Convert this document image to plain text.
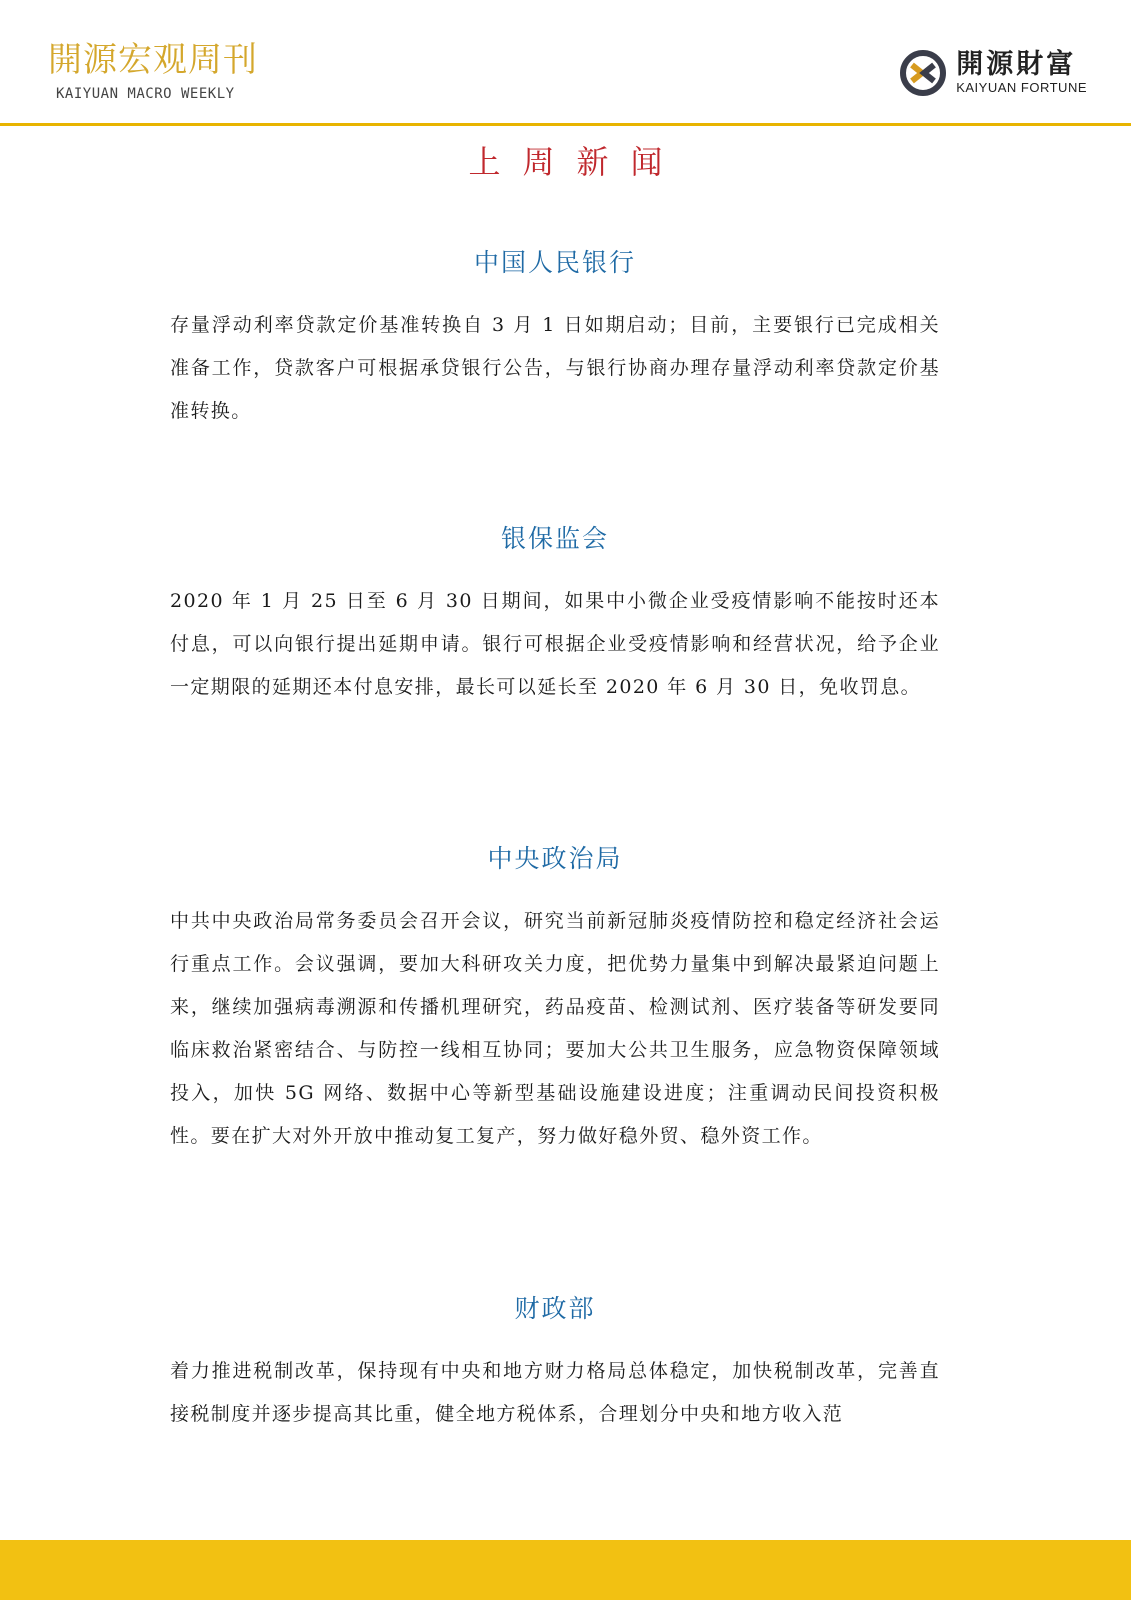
開源宏观周刊
KAIYUAN MACRO WEEKLY
開源財富
KAIYUAN FORTUNE
上周新闻
中国人民银行
存量浮动利率贷款定价基准转换自 3 月 1 日如期启动；目前，主要银行已完成相关准备工作，贷款客户可根据承贷银行公告，与银行协商办理存量浮动利率贷款定价基准转换。
银保监会
2020 年 1 月 25 日至 6 月 30 日期间，如果中小微企业受疫情影响不能按时还本付息，可以向银行提出延期申请。银行可根据企业受疫情影响和经营状况，给予企业一定期限的延期还本付息安排，最长可以延长至 2020 年 6 月 30 日，免收罚息。
中央政治局
中共中央政治局常务委员会召开会议，研究当前新冠肺炎疫情防控和稳定经济社会运行重点工作。会议强调，要加大科研攻关力度，把优势力量集中到解决最紧迫问题上来，继续加强病毒溯源和传播机理研究，药品疫苗、检测试剂、医疗装备等研发要同临床救治紧密结合、与防控一线相互协同；要加大公共卫生服务，应急物资保障领域投入，加快 5G 网络、数据中心等新型基础设施建设进度；注重调动民间投资积极性。要在扩大对外开放中推动复工复产，努力做好稳外贸、稳外资工作。
财政部
着力推进税制改革，保持现有中央和地方财力格局总体稳定，加快税制改革，完善直接税制度并逐步提高其比重，健全地方税体系，合理划分中央和地方收入范
